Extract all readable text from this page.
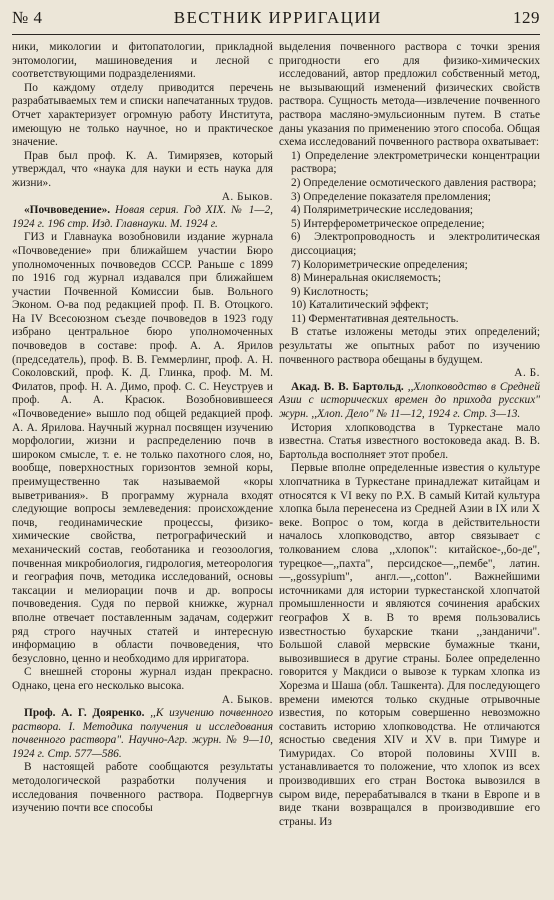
№ 4	ВЕСТНИК ИРРИГАЦИИ	129

ники, микологии и фитопатологии, прикладной энтомологии, машиноведения и лесной с соответствующими подразделениями.

По каждому отделу приводится перечень разрабатываемых тем и списки напечатанных трудов. Отчет характеризует огромную работу Института, имеющую не только научное, но и практическое значение.

Прав был проф. К. А. Тимирязев, который утверждал, что «наука для науки и есть наука для жизни».

А. Быков.

«Почвоведение». Новая серия. Год XIX. № 1—2, 1924 г. 196 стр. Изд. Главнауки. М. 1924 г.

ГИЗ и Главнаука возобновили издание журнала «Почвоведение» при ближайшем участии Бюро уполномоченных почвоведов СССР. Раньше с 1899 по 1916 год журнал издавался при ближайшем участии Почвенной Комиссии быв. Вольного Эконом. О-ва под редакцией проф. П. В. Отоцкого. На IV Всесоюзном съезде почвоведов в 1923 году избрано центральное бюро уполномоченных почвоведов в составе: проф. А. А. Ярилов (председатель), проф. В. В. Геммерлинг, проф. А. Н. Соколовский, проф. К. Д. Глинка, проф. М. М. Филатов, проф. Н. А. Димо, проф. С. С. Неуструев и проф. А. А. Красюк. Возобновившееся «Почвоведение» вышло под общей редакцией проф. А. А. Ярилова. Научный журнал посвящен изучению морфологии, жизни и распределению почв в широком смысле, т. е. не только пахотного слоя, но, вообще, поверхностных горизонтов земной коры, преимущественно так называемой «коры выветривания». В программу журнала входят следующие вопросы землеведения: происхождение почв, геодинамические процессы, физико-химические свойства, петрографический и механический состав, геоботаника и геозоология, почвенная микробиология, гидрология, метеорология и география почв, методика исследований, основы таксации и мелиорации почв и др. вопросы почвоведения. Судя по первой книжке, журнал вполне отвечает поставленным задачам, содержит ряд строго научных статей и интересную информацию в области почвоведения, что безусловно, ценно и необходимо для ирригатора.

С внешней стороны журнал издан прекрасно. Однако, цена его несколько высока.

А. Быков.

Проф. А. Г. Дояренко. ,,К изучению почвенного раствора. I. Методика получения и исследования почвенного раствора". Научно-Агр. журн. № 9—10, 1924 г. Стр. 577—586.

В настоящей работе сообщаются результаты методологической разработки получения и исследования почвенного раствора. Подвергнув изучению почти все способы

выделения почвенного раствора с точки зрения пригодности его для физико-химических исследований, автор предложил собственный метод, не вызывающий изменений физических свойств раствора. Сущность метода—извлечение почвенного раствора масляно-эмульсионным путем. В статье даны указания по применению этого способа. Общая схема исследований почвенного раствора охватывает:

1) Определение электрометрически концентрации раствора;
2) Определение осмотического давления раствора;
3) Определение показателя преломления;
4) Поляриметрические исследования;
5) Интерферометрическое определение;
6) Электропроводность и электролитическая диссоциация;
7) Колориметрические определения;
8) Минеральная окисляемость;
9) Кислотность;
10) Каталитический эффект;
11) Ферментативная деятельность.

В статье изложены методы этих определений; результаты же опытных работ по изучению почвенного раствора обещаны в будущем.

А. Б.

Акад. В. В. Бартольд. ,,Хлопководство в Средней Азии с исторических времен до прихода русских" журн. ,,Хлоп. Дело" № 11—12, 1924 г. Стр. 3—13.

История хлопководства в Туркестане мало известна. Статья известного востоковеда акад. В. В. Бартольда восполняет этот пробел.

Первые вполне определенные известия о культуре хлопчатника в Туркестане принадлежат китайцам и относятся к VI веку по Р.Х. В самый Китай культура хлопка была перенесена из Средней Азии в IX или X веке. Вопрос о том, когда в действительности началось хлопководство, автор связывает с толкованием слова ,,хлопок": китайское-,,бо-де", турецкое—,,пахта", персидское—,,пембе", латин.—,,gossypium", англ.—,,cotton". Важнейшими источниками для истории туркестанской хлопчатой промышленности и являются сочинения арабских географов X в. В то время пользовались известностью бухарские ткани ,,занданичи". Большой славой мервские бумажные ткани, вывозившиеся в другие страны. Более определенно говорится у Макдиси о вывозе к туркам хлопка из Хорезма и Шаша (обл. Ташкента). Для последующего времени имеются только скудные отрывочные известия, по которым совершенно невозможно составить историю хлопководства. Не отличаются ясностью сведения XIV и XV в. при Тимуре и Тимуридах. Со второй половины XVIII в. устанавливается то положение, что хлопок из всех производивших его стран Востока вывозился в сыром виде, перерабатывался в ткани в Европе и в виде ткани возвращался в производившие его страны. Из
